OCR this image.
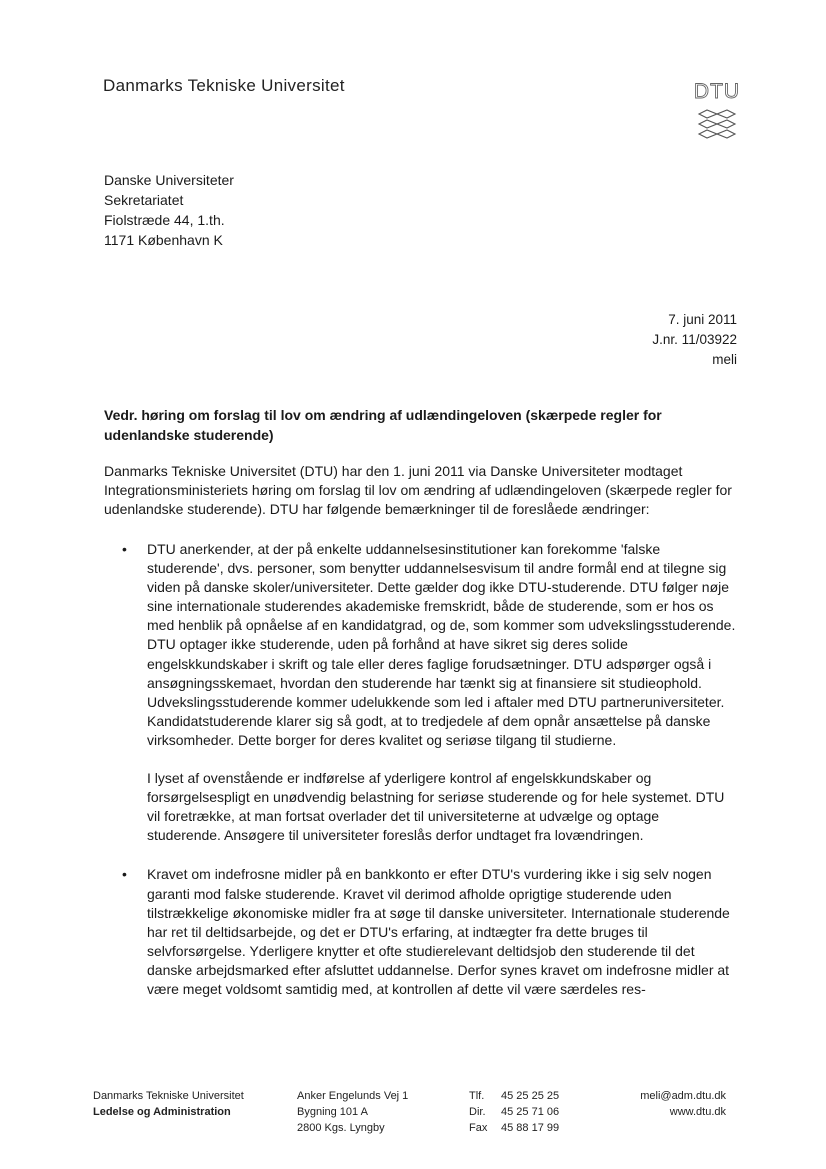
Danmarks Tekniske Universitet	DTU
Danske Universiteter
Sekretariatet
Fiolstræde 44, 1.th.
1171 København K
7. juni 2011
J.nr. 11/03922
meli
Vedr. høring om forslag til lov om ændring af udlændingeloven (skærpede regler for udenlandske studerende)
Danmarks Tekniske Universitet (DTU) har den 1. juni 2011 via Danske Universiteter modtaget Integrationsministeriets høring om forslag til lov om ændring af udlændingeloven (skærpede regler for udenlandske studerende). DTU har følgende bemærkninger til de foreslåede ændringer:
• DTU anerkender, at der på enkelte uddannelsesinstitutioner kan forekomme 'falske studerende', dvs. personer, som benytter uddannelsesvisum til andre formål end at tilegne sig viden på danske skoler/universiteter. Dette gælder dog ikke DTU-studerende. DTU følger nøje sine internationale studerendes akademiske fremskridt, både de studerende, som er hos os med henblik på opnåelse af en kandidatgrad, og de, som kommer som udvekslingsstuderende. DTU optager ikke studerende, uden på forhånd at have sikret sig deres solide engelskkundskaber i skrift og tale eller deres faglige forudsætninger. DTU adspørger også i ansøgningsskemaet, hvordan den studerende har tænkt sig at finansiere sit studieophold. Udvekslingsstuderende kommer udelukkende som led i aftaler med DTU partneruniversiteter. Kandidatstuderende klarer sig så godt, at to tredjedele af dem opnår ansættelse på danske virksomheder. Dette borger for deres kvalitet og seriøse tilgang til studierne.

I lyset af ovenstående er indførelse af yderligere kontrol af engelskkundskaber og forsørgelsespligt en unødvendig belastning for seriøse studerende og for hele systemet. DTU vil foretrække, at man fortsat overlader det til universiteterne at udvælge og optage studerende. Ansøgere til universiteter foreslås derfor undtaget fra lovændringen.

• Kravet om indefrosne midler på en bankkonto er efter DTU's vurdering ikke i sig selv nogen garanti mod falske studerende. Kravet vil derimod afholde oprigtige studerende uden tilstrækkelige økonomiske midler fra at søge til danske universiteter. Internationale studerende har ret til deltidsarbejde, og det er DTU's erfaring, at indtægter fra dette bruges til selvforsørgelse. Yderligere knytter et ofte studierelevant deltidsjob den studerende til det danske arbejdsmarked efter afsluttet uddannelse. Derfor synes kravet om indefrosne midler at være meget voldsomt samtidig med, at kontrollen af dette vil være særdeles res-

Danmarks Tekniske Universitet
Ledelse og Administration
Anker Engelunds Vej 1
Bygning 101 A
2800 Kgs. Lyngby
Tlf. 45 25 25 25
Dir. 45 25 71 06
Fax 45 88 17 99
meli@adm.dtu.dk
www.dtu.dk
